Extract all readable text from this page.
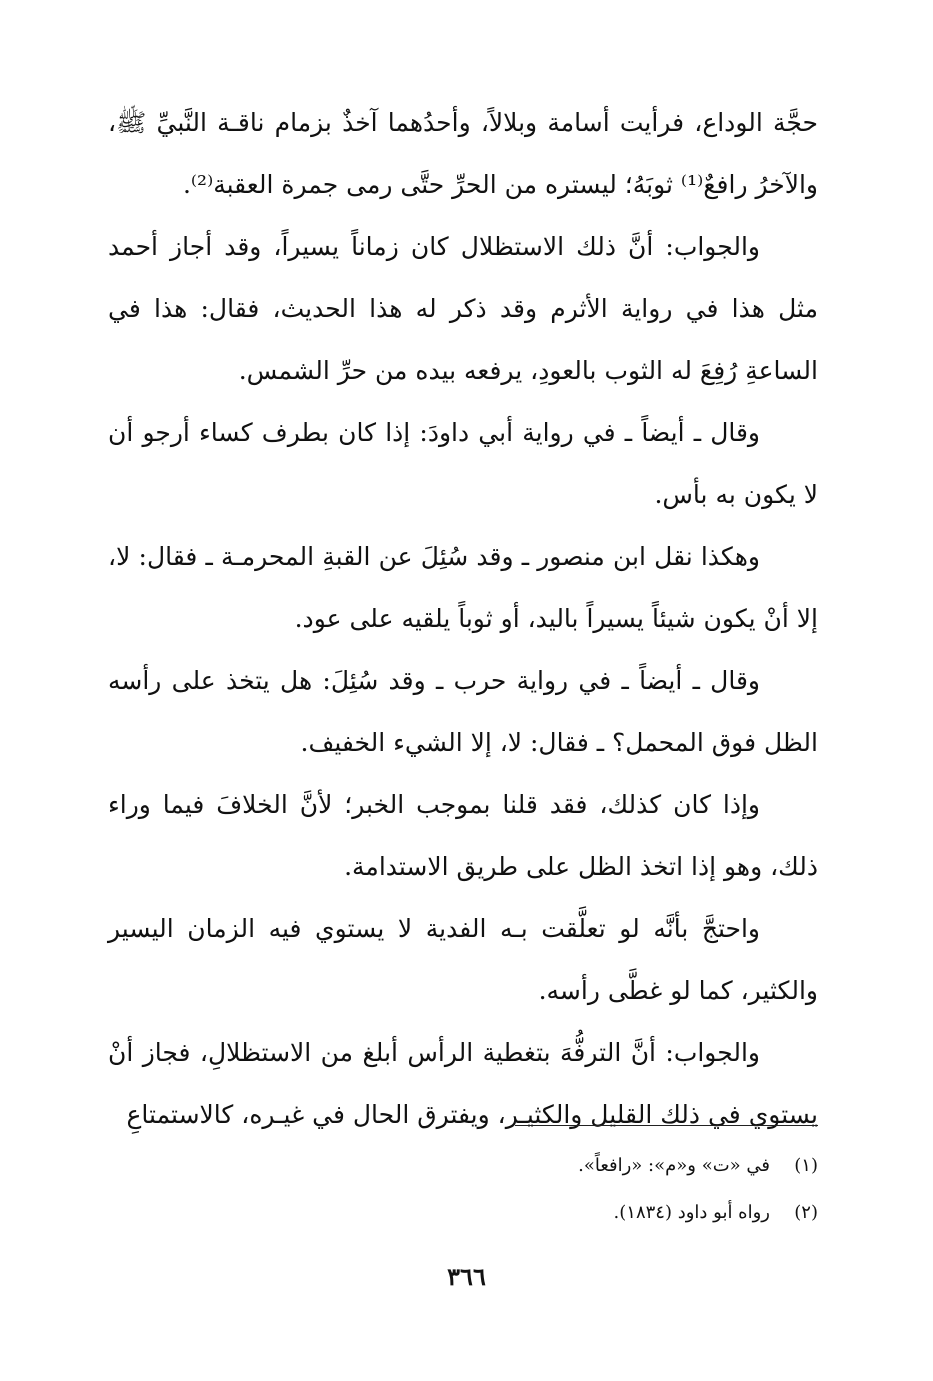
حجَّة الوداع، فرأيت أسامة وبلالاً، وأحدُهما آخذٌ بزمام ناقـة النَّبيِّ ﷺ، والآخرُ رافعٌ⁽¹⁾ ثوبَهُ؛ ليستره من الحرِّ حتَّى رمى جمرة العقبة⁽²⁾.

والجواب: أنَّ ذلك الاستظلال كان زماناً يسيراً، وقد أجاز أحمد مثل هذا في رواية الأثرم وقد ذكر له هذا الحديث، فقال: هذا في الساعةِ رُفِعَ له الثوب بالعودِ، يرفعه بيده من حرِّ الشمس.

وقال ـ أيضاً ـ في رواية أبي داودَ: إذا كان بطرف كساء أرجو أن لا يكون به بأس.

وهكذا نقل ابن منصور ـ وقد سُئِلَ عن القبةِ المحرمـة ـ فقال: لا، إلا أنْ يكون شيئاً يسيراً باليد، أو ثوباً يلقيه على عود.

وقال ـ أيضاً ـ في رواية حرب ـ وقد سُئِلَ: هل يتخذ على رأسه الظل فوق المحمل؟ ـ فقال: لا، إلا الشيء الخفيف.

وإذا كان كذلك، فقد قلنا بموجب الخبر؛ لأنَّ الخلافَ فيما وراء ذلك، وهو إذا اتخذ الظل على طريق الاستدامة.

واحتجَّ بأنَّه لو تعلَّقت بـه الفدية لا يستوي فيه الزمان اليسير والكثير، كما لو غطَّى رأسه.

والجواب: أنَّ الترفُّهَ بتغطية الرأس أبلغ من الاستظلالِ، فجاز أنْ يستوي في ذلك القليل والكثيـر، ويفترق الحال في غيـره، كالاستمتاعِ

(١)في «ت» و«م»: «رافعاً».
(٢)رواه أبو داود (١٨٣٤).
٣٦٦
